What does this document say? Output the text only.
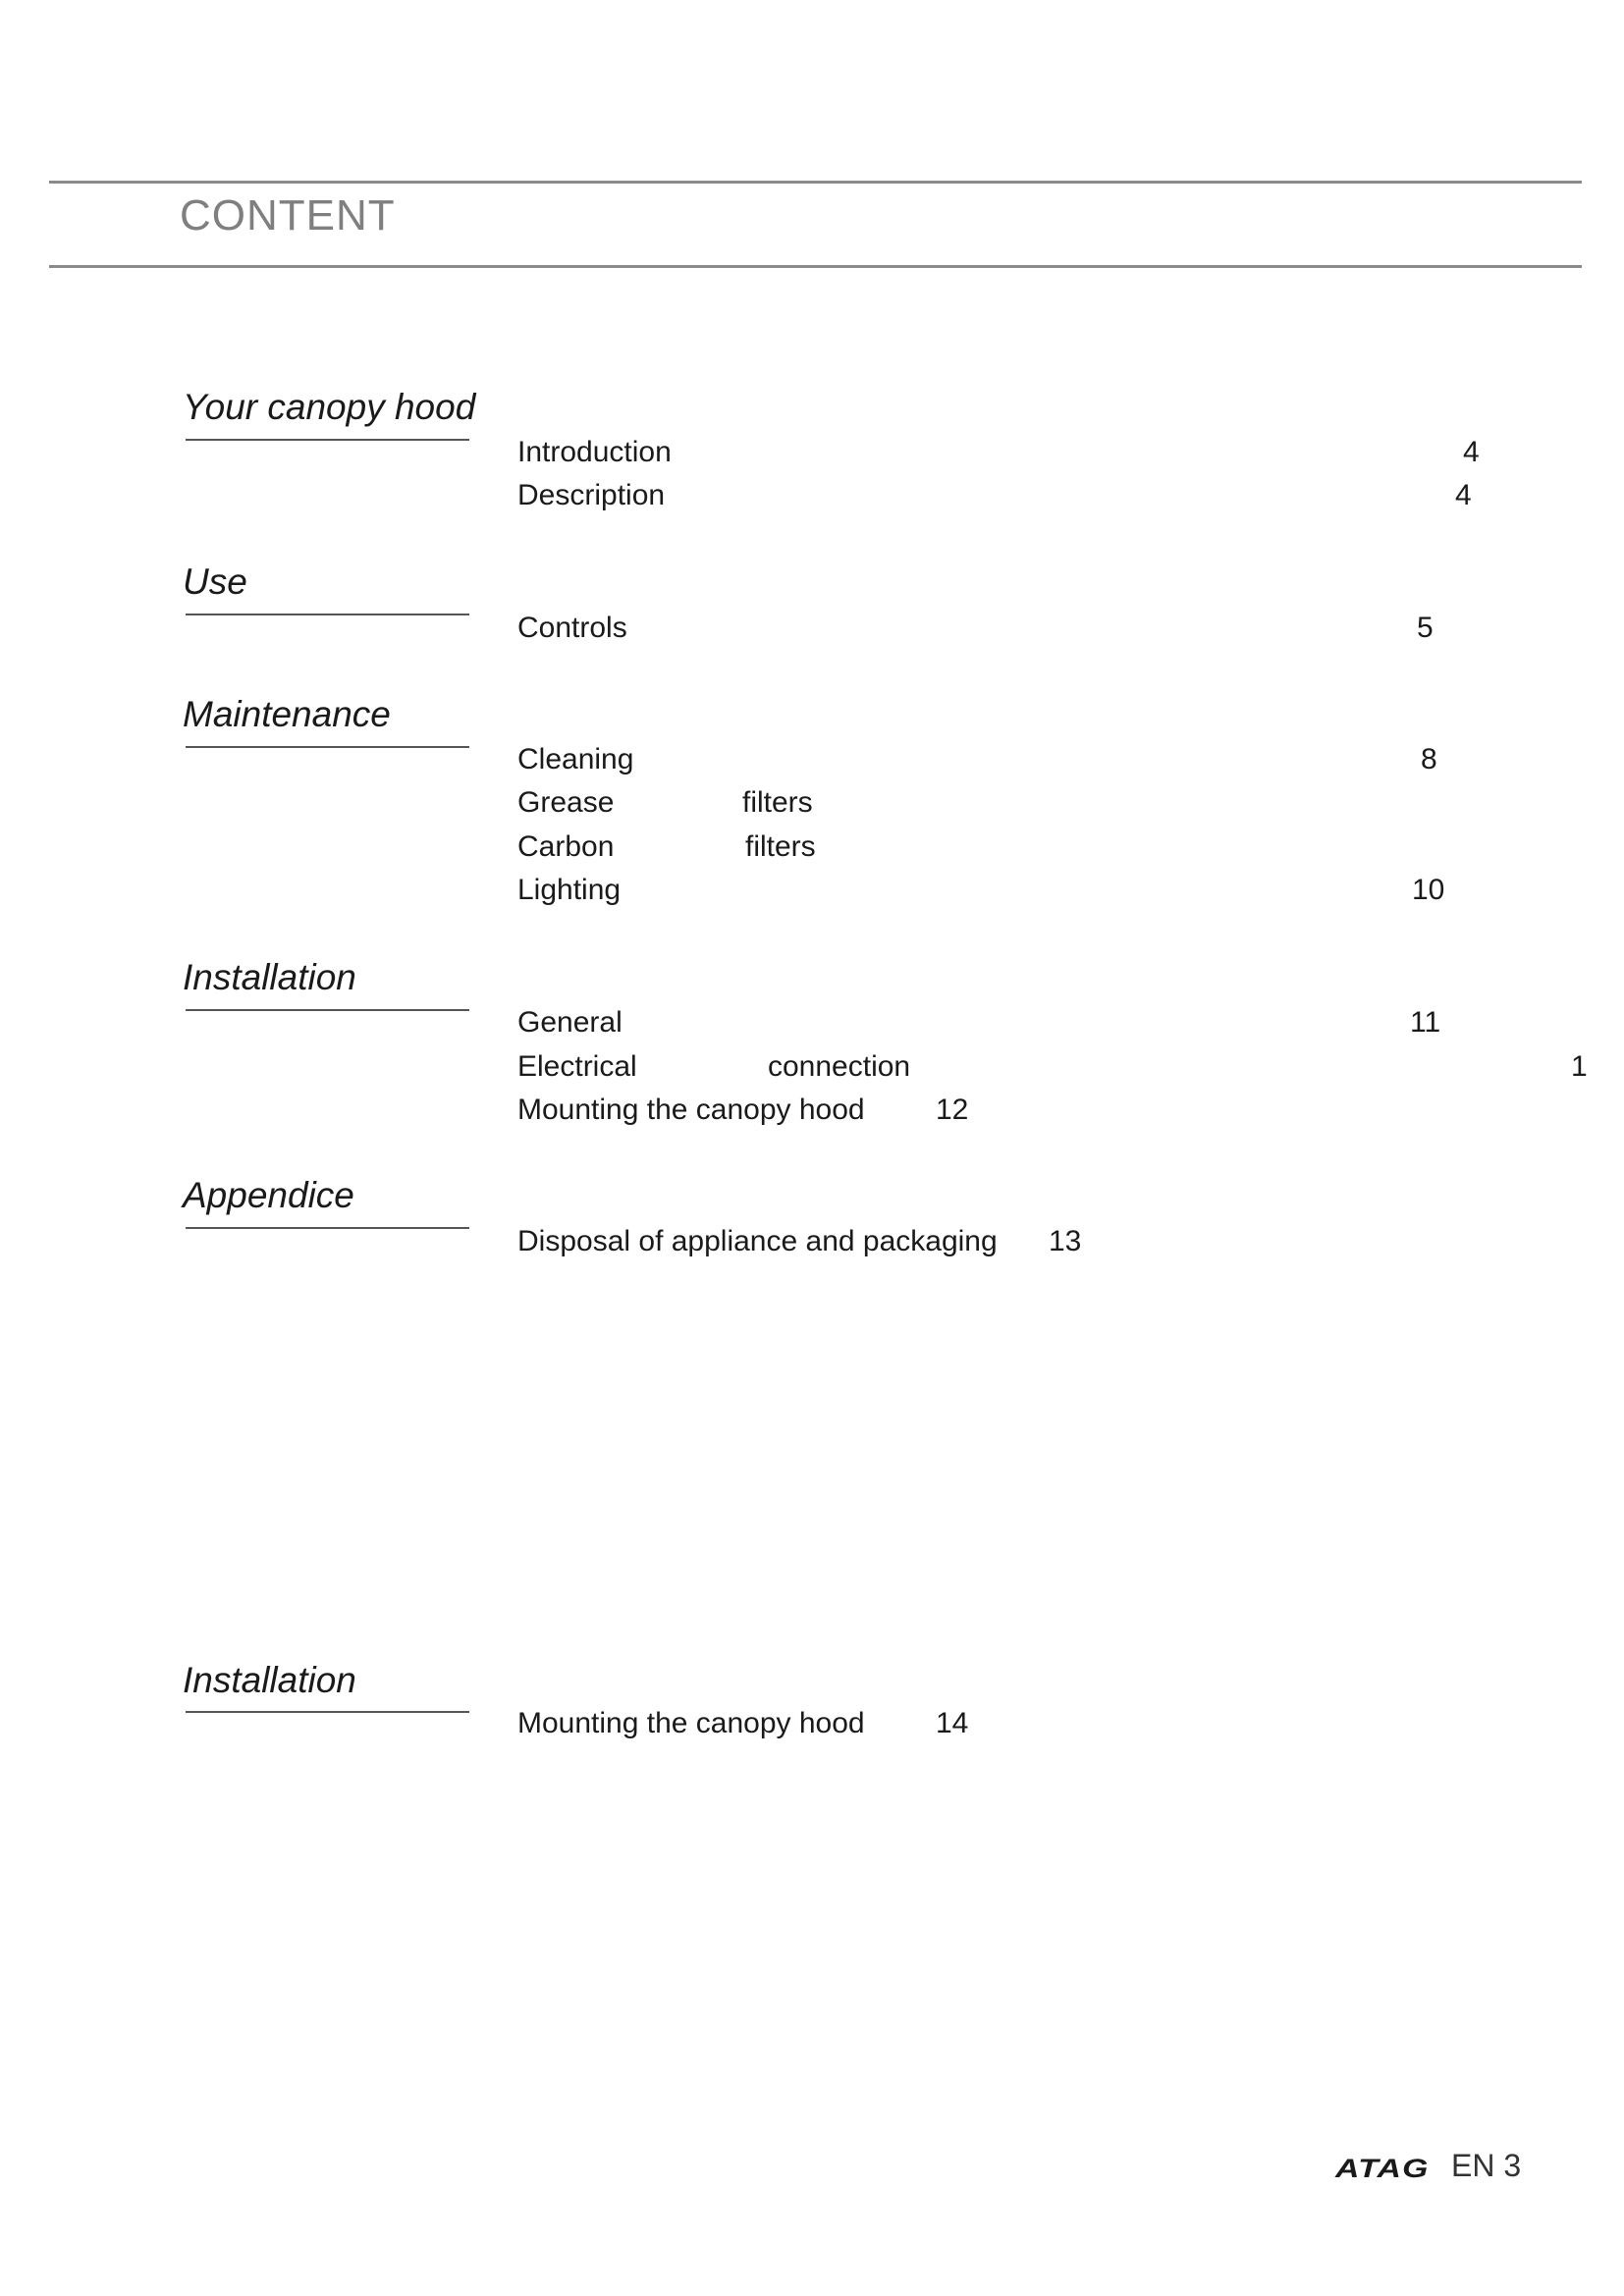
CONTENT
Your canopy hood
Introduction	4
Description	4
Use
Controls	5
Maintenance
Cleaning	8
Grease	filters
Carbon	filters
Lighting	10
Installation
General	11
Electrical	connection	1
Mounting the canopy hood 12
Appendice
Disposal of appliance and packaging 13
Installation
Mounting the canopy hood 14
ATAG EN 3
